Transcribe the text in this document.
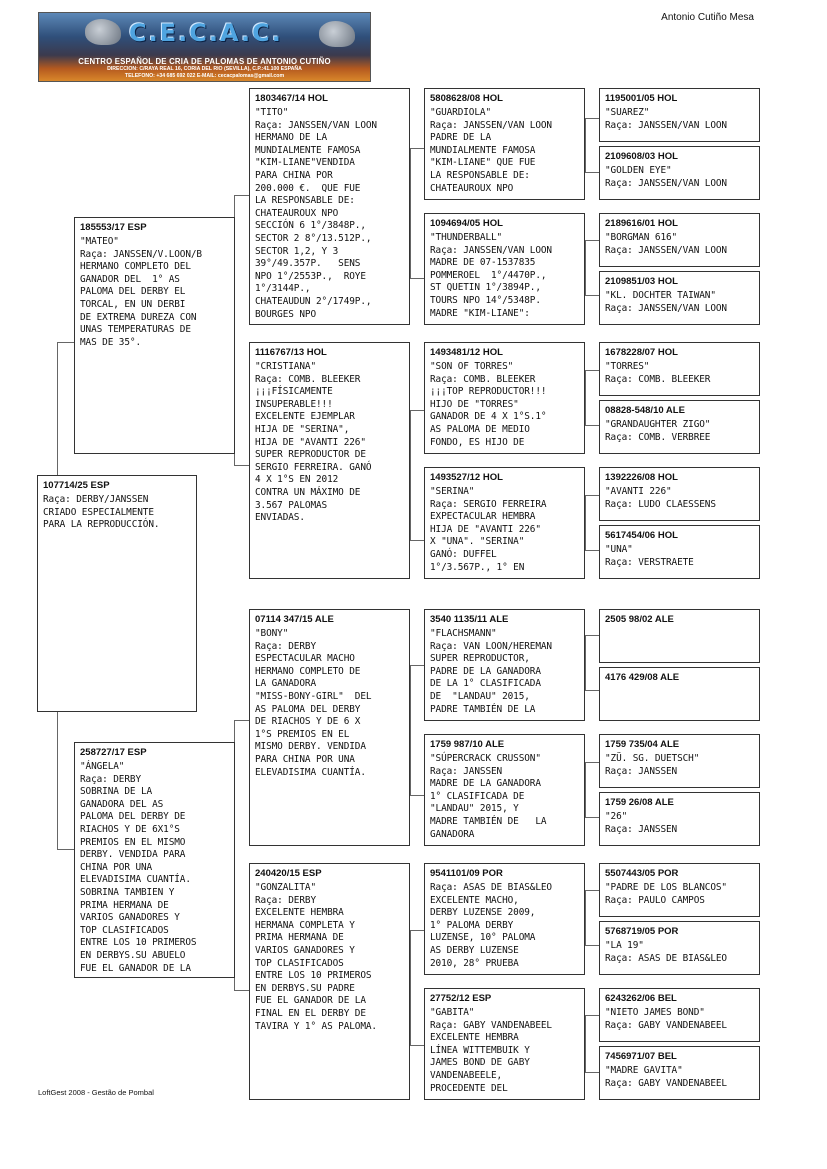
C.E.C.A.C.
CENTRO ESPAÑOL DE CRIA DE PALOMAS DE ANTONIO CUTIÑO
DIRECCION: C/RAYA REAL 16, CORIA DEL RIO (SEVILLA), C.P.:41.100 ESPAÑA
TELEFONO: +34 685 692 022 E-MAIL: cecacpalomas@gmail.com
Antonio Cutiño Mesa
107714/25 ESP
Raça: DERBY/JANSSEN
CRIADO ESPECIALMENTE
PARA LA REPRODUCCIÓN.
185553/17 ESP
"MATEO"
Raça: JANSSEN/V.LOON/B
HERMANO COMPLETO DEL
GANADOR DEL  1° AS
PALOMA DEL DERBY EL
TORCAL, EN UN DERBI
DE EXTREMA DUREZA CON
UNAS TEMPERATURAS DE
MAS DE 35°.
258727/17 ESP
"ÁNGELA"
Raça: DERBY
SOBRINA DE LA
GANADORA DEL AS
PALOMA DEL DERBY DE
RIACHOS Y DE 6X1°S
PREMIOS EN EL MISMO
DERBY. VENDIDA PARA
CHINA POR UNA
ELEVADISIMA CUANTÍA.
SOBRINA TAMBIEN Y
PRIMA HERMANA DE
VARIOS GANADORES Y
TOP CLASIFICADOS
ENTRE LOS 10 PRIMEROS
EN DERBYS.SU ABUELO
FUE EL GANADOR DE LA
1803467/14 HOL
"TITO"
Raça: JANSSEN/VAN LOON
HERMANO DE LA
MUNDIALMENTE FAMOSA
"KIM-LIANE"VENDIDA
PARA CHINA POR
200.000 €.  QUE FUE
LA RESPONSABLE DE:
CHATEAUROUX NPO
SECCIÓN 6 1°/3848P.,
SECTOR 2 8°/13.512P.,
SECTOR 1,2, Y 3
39°/49.357P.   SENS
NPO 1°/2553P.,  ROYE
1°/3144P.,
CHATEAUDUN 2°/1749P.,
BOURGES NPO
1116767/13 HOL
"CRISTIANA"
Raça: COMB. BLEEKER
¡¡¡FÍSICAMENTE
INSUPERABLE!!!
EXCELENTE EJEMPLAR
HIJA DE "SERINA",
HIJA DE "AVANTI 226"
SUPER REPRODUCTOR DE
SERGIO FERREIRA. GANÓ
4 X 1°S EN 2012
CONTRA UN MÁXIMO DE
3.567 PALOMAS
ENVIADAS.
07114 347/15 ALE
"BONY"
Raça: DERBY
ESPECTACULAR MACHO
HERMANO COMPLETO DE
LA GANADORA
"MISS-BONY-GIRL"  DEL
AS PALOMA DEL DERBY
DE RIACHOS Y DE 6 X
1°S PREMIOS EN EL
MISMO DERBY. VENDIDA
PARA CHINA POR UNA
ELEVADISIMA CUANTÍA.
240420/15 ESP
"GONZALITA"
Raça: DERBY
EXCELENTE HEMBRA
HERMANA COMPLETA Y
PRIMA HERMANA DE
VARIOS GANADORES Y
TOP CLASIFICADOS
ENTRE LOS 10 PRIMEROS
EN DERBYS.SU PADRE
FUE EL GANADOR DE LA
FINAL EN EL DERBY DE
TAVIRA Y 1° AS PALOMA.
5808628/08 HOL
"GUARDIOLA"
Raça: JANSSEN/VAN LOON
PADRE DE LA
MUNDIALMENTE FAMOSA
"KIM-LIANE" QUE FUE
LA RESPONSABLE DE:
CHATEAUROUX NPO
1094694/05 HOL
"THUNDERBALL"
Raça: JANSSEN/VAN LOON
MADRE DE 07-1537835
POMMEROEL  1°/4470P.,
ST QUETIN 1°/3894P.,
TOURS NPO 14°/5348P.
MADRE "KIM-LIANE":
1493481/12 HOL
"SON OF TORRES"
Raça: COMB. BLEEKER
¡¡¡TOP REPRODUCTOR!!!
HIJO DE "TORRES"
GANADOR DE 4 X 1°S.1°
AS PALOMA DE MEDIO
FONDO, ES HIJO DE
1493527/12 HOL
"SERINA"
Raça: SERGIO FERREIRA
EXPECTACULAR HEMBRA
HIJA DE "AVANTI 226"
X "UNA". "SERINA"
GANÓ: DUFFEL
1°/3.567P., 1° EN
3540 1135/11 ALE
"FLACHSMANN"
Raça: VAN LOON/HEREMAN
SUPER REPRODUCTOR,
PADRE DE LA GANADORA
DE LA 1° CLASIFICADA
DE  "LANDAU" 2015,
PADRE TAMBIÉN DE LA
1759 987/10 ALE
"SÚPERCRACK CRUSSON"
Raça: JANSSEN
MADRE DE LA GANADORA
1° CLASIFICADA DE
"LANDAU" 2015, Y
MADRE TAMBIÉN DE   LA
GANADORA
9541101/09 POR
Raça: ASAS DE BIAS&LEO
EXCELENTE MACHO,
DERBY LUZENSE 2009,
1° PALOMA DERBY
LUZENSE, 10° PALOMA
AS DERBY LUZENSE
2010, 28° PRUEBA
27752/12 ESP
"GABITA"
Raça: GABY VANDENABEEL
EXCELENTE HEMBRA
LÍNEA WITTEMBUIK Y
JAMES BOND DE GABY
VANDENABEELE,
PROCEDENTE DEL
1195001/05 HOL
"SUAREZ"
Raça: JANSSEN/VAN LOON
2109608/03 HOL
"GOLDEN EYE"
Raça: JANSSEN/VAN LOON
2189616/01 HOL
"BORGMAN 616"
Raça: JANSSEN/VAN LOON
2109851/03 HOL
"KL. DOCHTER TAIWAN"
Raça: JANSSEN/VAN LOON
1678228/07 HOL
"TORRES"
Raça: COMB. BLEEKER
08828-548/10 ALE
"GRANDAUGHTER ZIGO"
Raça: COMB. VERBREE
1392226/08 HOL
"AVANTI 226"
Raça: LUDO CLAESSENS
5617454/06 HOL
"UNA"
Raça: VERSTRAETE
2505 98/02 ALE
4176 429/08 ALE
1759 735/04 ALE
"ZÜ. SG. DUETSCH"
Raça: JANSSEN
1759 26/08 ALE
"26"
Raça: JANSSEN
5507443/05 POR
"PADRE DE LOS BLANCOS"
Raça: PAULO CAMPOS
5768719/05 POR
"LA 19"
Raça: ASAS DE BIAS&LEO
6243262/06 BEL
"NIETO JAMES BOND"
Raça: GABY VANDENABEEL
7456971/07 BEL
"MADRE GAVITA"
Raça: GABY VANDENABEEL
LoftGest 2008 - Gestão de Pombal
